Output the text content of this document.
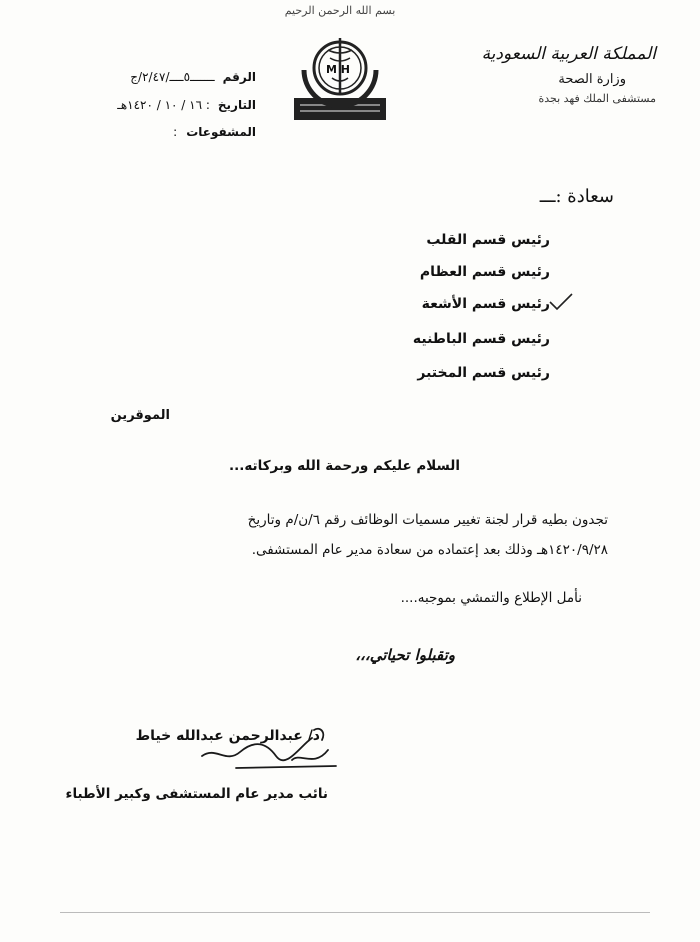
بسم الله الرحمن الرحيم
المملكة العربية السعودية
وزارة الصحة
مستشفى الملك فهد بجدة
M H
الرقم
ـــــــ٥ــــ/٢/٤٧/ج
التاريخ
: ١٦ / ١٠ / ١٤٢٠هـ
المشفوعات
:
سعادة :ـــ
رئيس قسم القلب
رئيس قسم العظام
رئيس قسم الأشعة
رئيس قسم الباطنيه
رئيس قسم المختبر
الموقرين
السلام عليكم ورحمة الله وبركاته...
تجدون بطيه قرار لجنة تغيير مسميات الوظائف رقم ٦/ن/م وتاريخ
١٤٢٠/٩/٢٨هـ وذلك بعد إعتماده من سعادة مدير عام المستشفى.
نأمل الإطلاع والتمشي بموجبه....
وتقبلوا تحياتي،،،
د/ عبدالرحمن عبدالله خياط
نائب مدير عام المستشفى وكبير الأطباء
